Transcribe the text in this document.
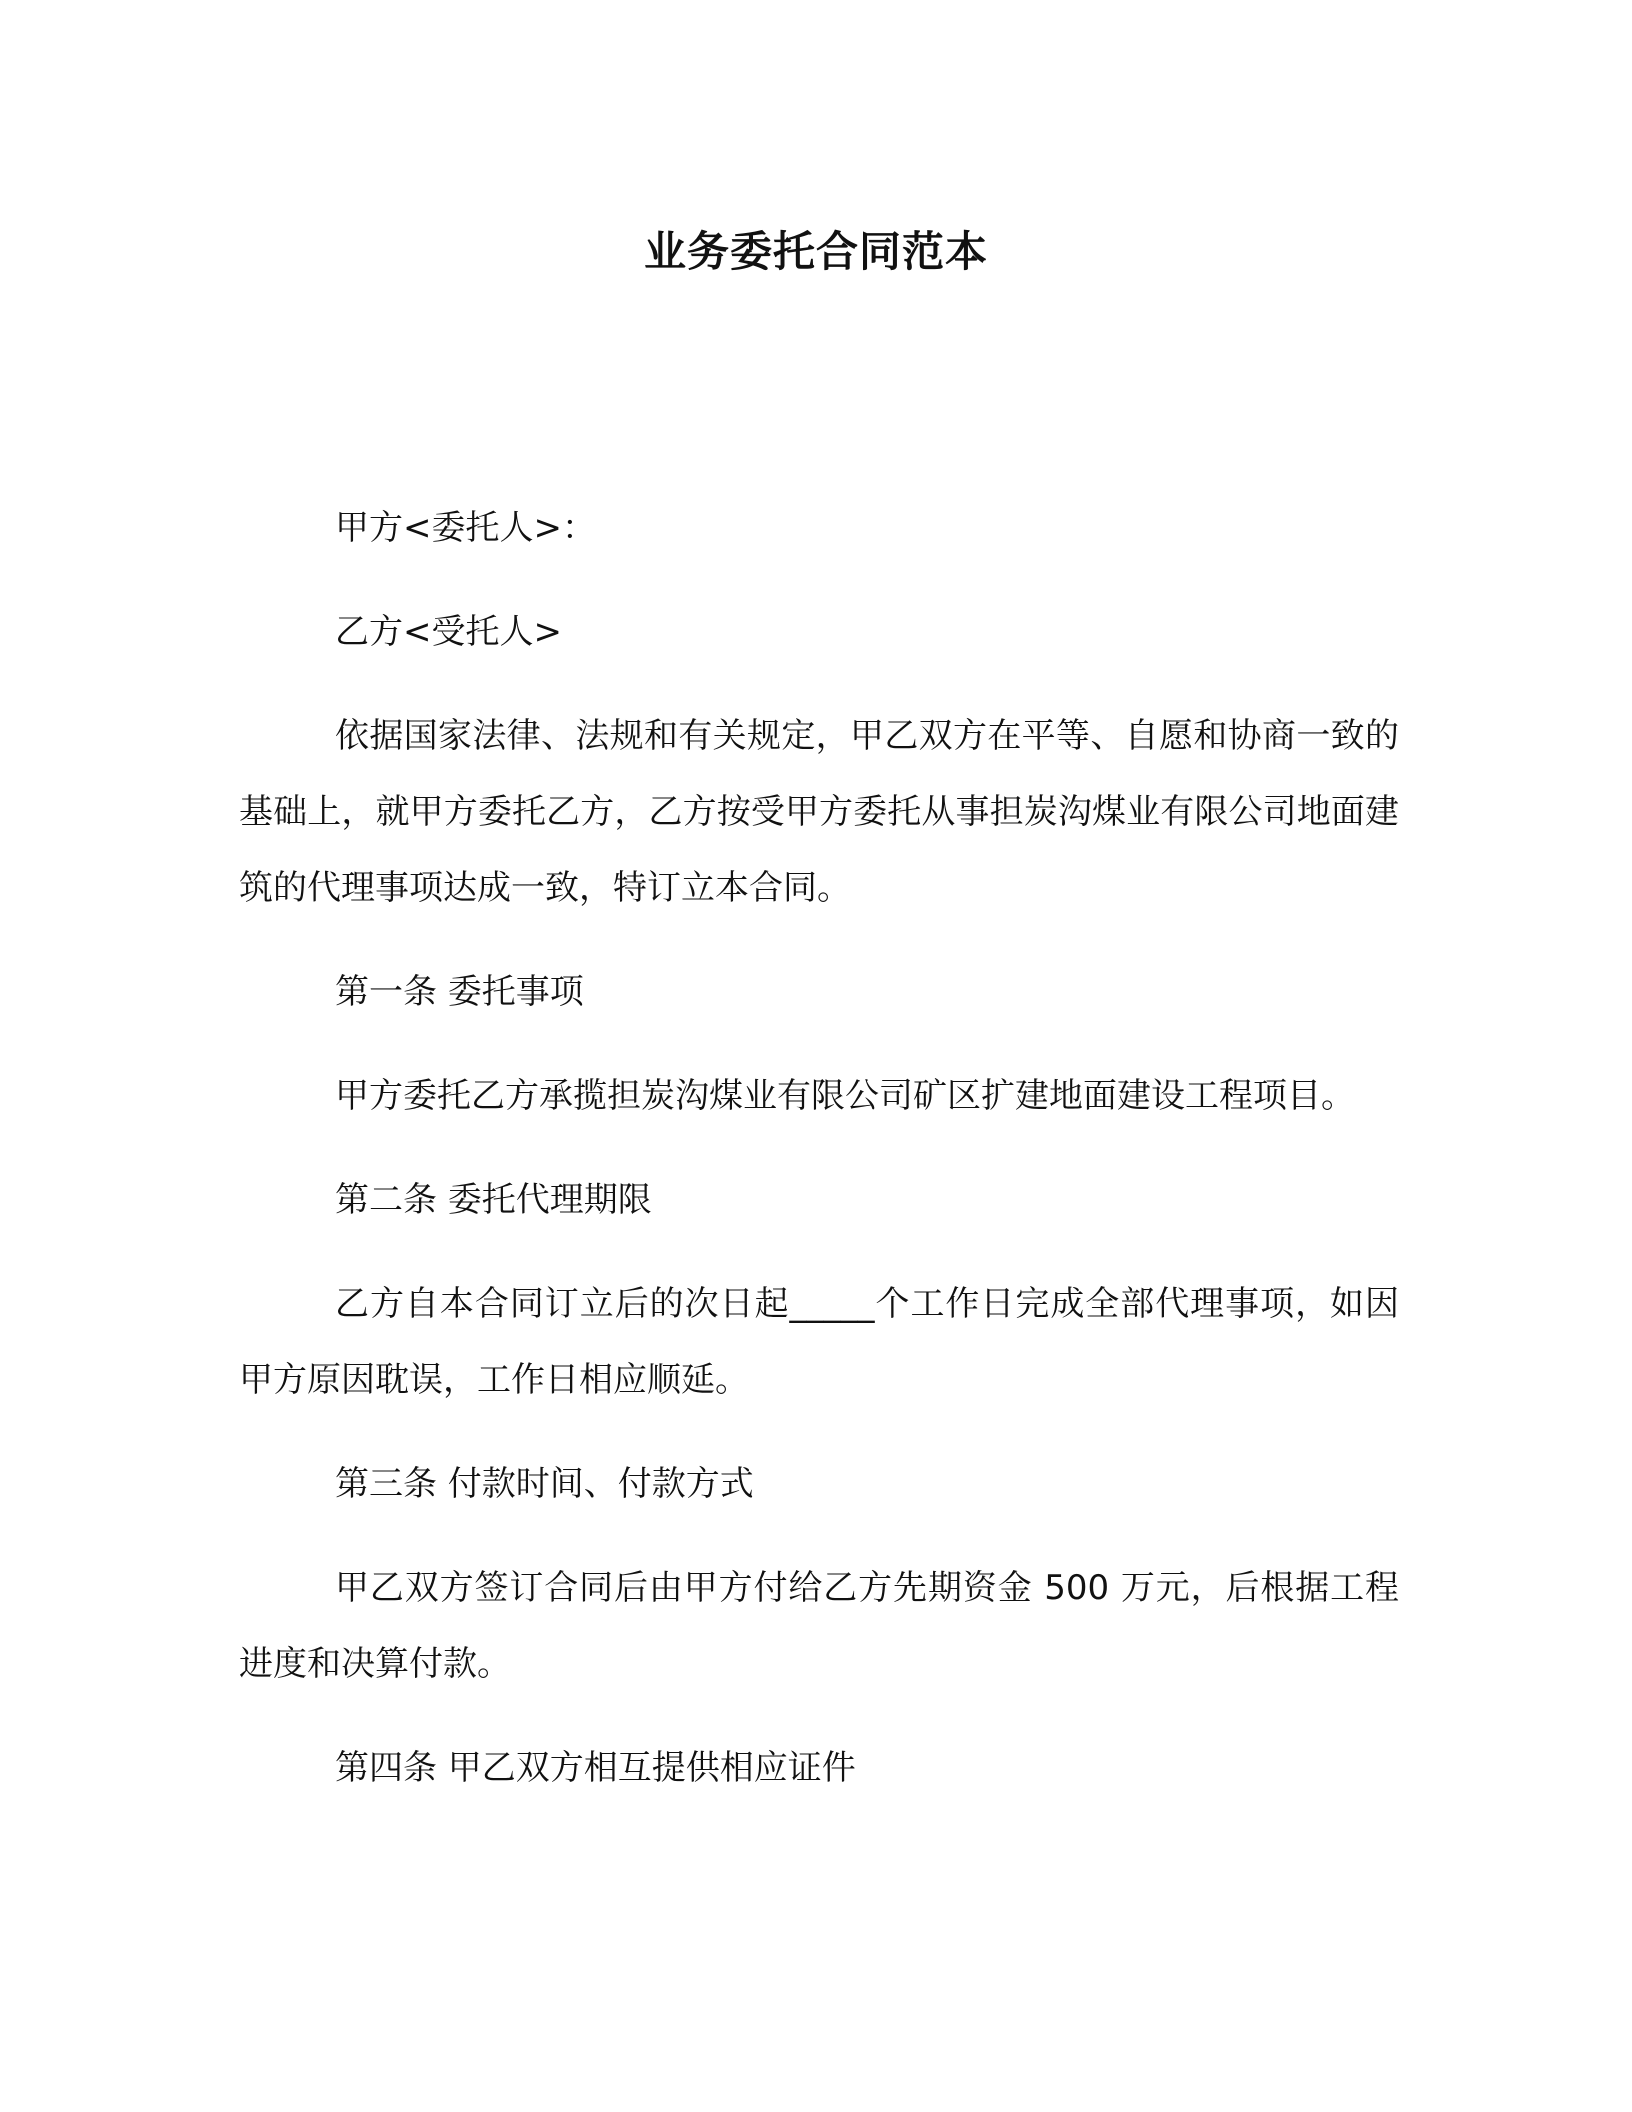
业务委托合同范本

甲方<委托人>：

乙方<受托人>

依据国家法律、法规和有关规定，甲乙双方在平等、自愿和协商一致的基础上，就甲方委托乙方，乙方按受甲方委托从事担炭沟煤业有限公司地面建筑的代理事项达成一致，特订立本合同。

第一条 委托事项

甲方委托乙方承揽担炭沟煤业有限公司矿区扩建地面建设工程项目。

第二条 委托代理期限

乙方自本合同订立后的次日起_____个工作日完成全部代理事项，如因甲方原因耽误，工作日相应顺延。

第三条 付款时间、付款方式

甲乙双方签订合同后由甲方付给乙方先期资金 500 万元，后根据工程进度和决算付款。

第四条 甲乙双方相互提供相应证件
